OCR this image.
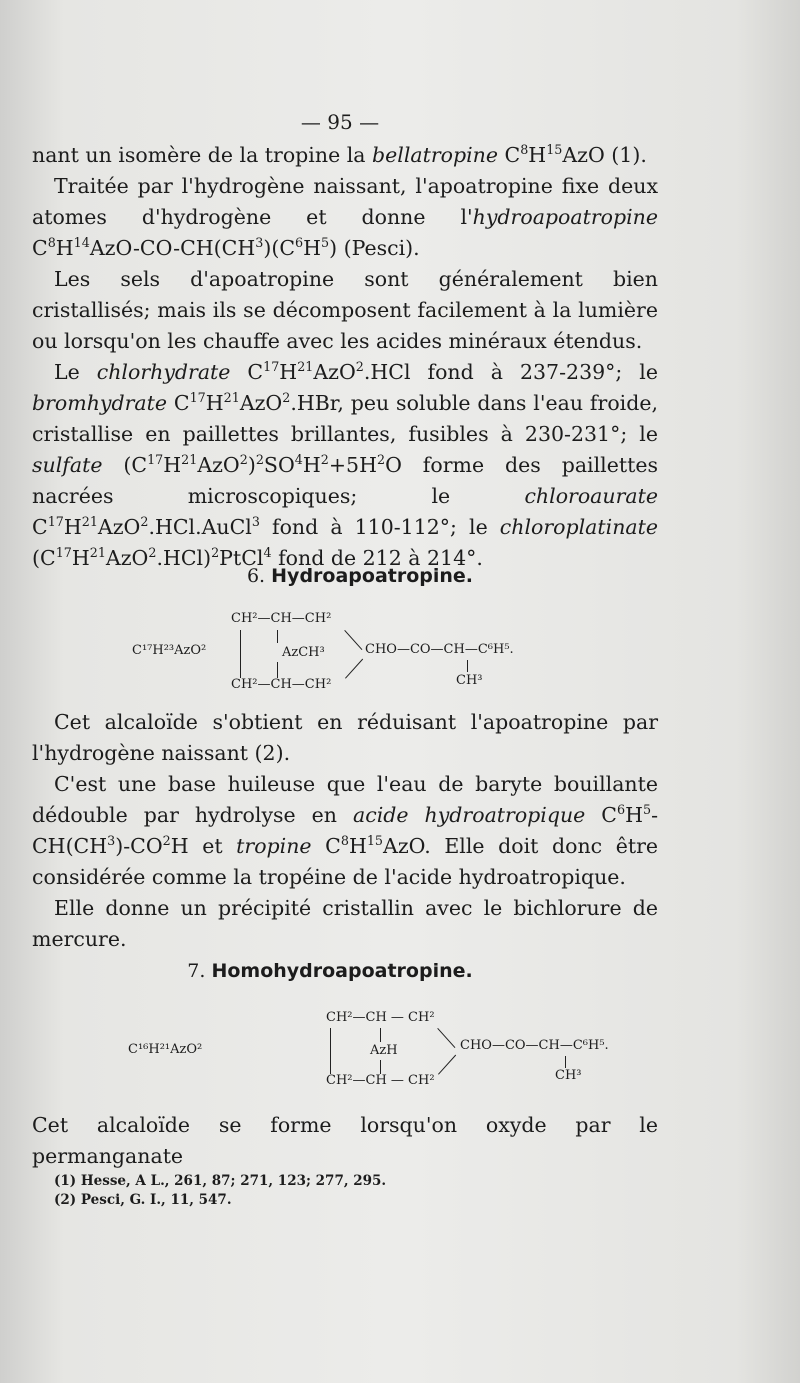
— 95 —

nant un isomère de la tropine la bellatropine $C^8H^{15}AzO$ (1).

Traitée par l'hydrogène naissant, l'apoatropine fixe deux atomes d'hydrogène et donne l'hydroapoatropine $C^8H^{14}AzO-CO-CH(CH^3)(C^6H^5)$ (Pesci).

Les sels d'apoatropine sont généralement bien cristallisés; mais ils se décomposent facilement à la lumière ou lorsqu'on les chauffe avec les acides minéraux étendus.

Le chlorhydrate $C^{17}H^{21}AzO^2.HCl$ fond à 237-239°; le bromhydrate $C^{17}H^{21}AzO^2.HBr$, peu soluble dans l'eau froide, cristallise en paillettes brillantes, fusibles à 230-231°; le sulfate $(C^{17}H^{21}AzO^2)^2SO^4H^2+5H^2O$ forme des paillettes nacrées microscopiques; le chloroaurate $C^{17}H^{21}AzO^2.HCl.AuCl^3$ fond à 110-112°; le chloroplatinate $(C^{17}H^{21}AzO^2.HCl)^2PtCl^4$ fond de 212 à 214°.

6. Hydroapoatropine.
C¹⁷H²³AzO²
CH²—CH—CH²
AzCH³	CHO—CO—CH—C⁶H⁵.
CH²—CH—CH²	CH³

Cet alcaloïde s'obtient en réduisant l'apoatropine par l'hydrogène naissant (2).

C'est une base huileuse que l'eau de baryte bouillante dédouble par hydrolyse en acide hydroatropique $C^6H^5-CH(CH^3)-CO^2H$ et tropine $C^8H^{15}AzO$. Elle doit donc être considérée comme la tropéine de l'acide hydroatropique.

Elle donne un précipité cristallin avec le bichlorure de mercure.

7. Homohydroapoatropine.
C¹⁶H²¹AzO²
CH²—CH — CH²
AzH	CHO—CO—CH—C⁶H⁵.
CH²—CH — CH²	CH³

Cet alcaloïde se forme lorsqu'on oxyde par le permanganate

(1) Hesse, A L., 261, 87; 271, 123; 277, 295.
(2) Pesci, G. I., 11, 547.
